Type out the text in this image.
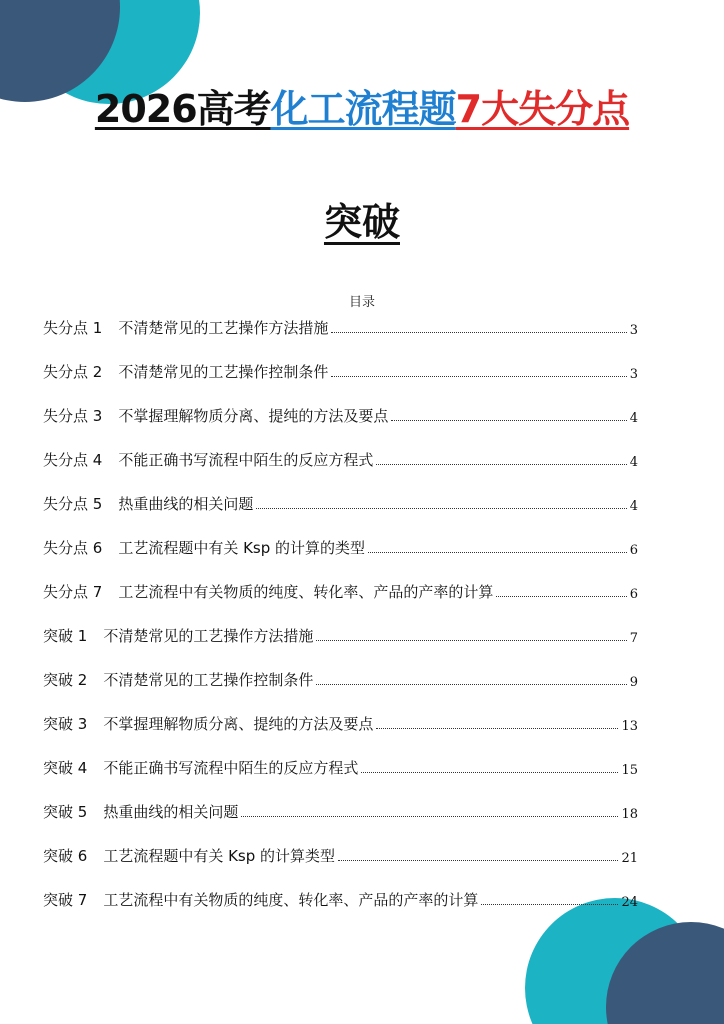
2026高考化工流程题7大失分点
突破
目录
失分点 1 不清楚常见的工艺操作方法措施	3
失分点 2 不清楚常见的工艺操作控制条件	3
失分点 3 不掌握理解物质分离、提纯的方法及要点	4
失分点 4 不能正确书写流程中陌生的反应方程式	4
失分点 5 热重曲线的相关问题	4
失分点 6 工艺流程题中有关 Ksp 的计算的类型	6
失分点 7 工艺流程中有关物质的纯度、转化率、产品的产率的计算	6
突破 1 不清楚常见的工艺操作方法措施	7
突破 2 不清楚常见的工艺操作控制条件	9
突破 3 不掌握理解物质分离、提纯的方法及要点	13
突破 4 不能正确书写流程中陌生的反应方程式	15
突破 5 热重曲线的相关问题	18
突破 6 工艺流程题中有关 Ksp 的计算类型	21
突破 7 工艺流程中有关物质的纯度、转化率、产品的产率的计算	24
